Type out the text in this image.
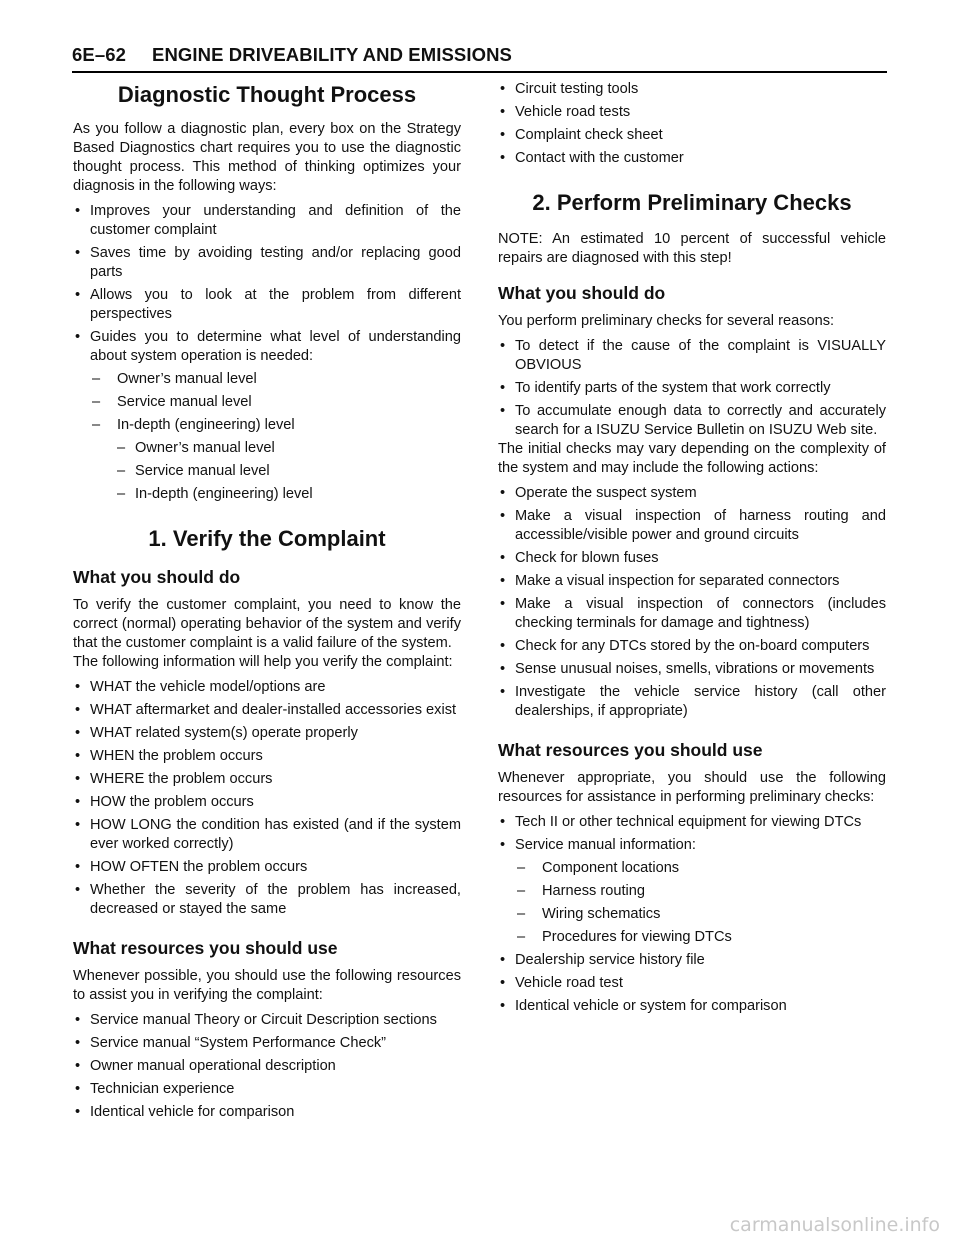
6E–62 ENGINE DRIVEABILITY AND EMISSIONS
Diagnostic Thought Process

As you follow a diagnostic plan, every box on the Strategy Based Diagnostics chart requires you to use the diagnostic thought process. This method of thinking optimizes your diagnosis in the following ways:

• Improves your understanding and definition of the customer complaint
• Saves time by avoiding testing and/or replacing good parts
• Allows you to look at the problem from different perspectives
• Guides you to determine what level of understanding about system operation is needed:
– Owner’s manual level
– Service manual level
– In-depth (engineering) level
– Owner’s manual level
– Service manual level
– In-depth (engineering) level
1. Verify the Complaint
What you should do

To verify the customer complaint, you need to know the correct (normal) operating behavior of the system and verify that the customer complaint is a valid failure of the system.

The following information will help you verify the complaint:

• WHAT the vehicle model/options are
• WHAT aftermarket and dealer-installed accessories exist
• WHAT related system(s) operate properly
• WHEN the problem occurs
• WHERE the problem occurs
• HOW the problem occurs
• HOW LONG the condition has existed (and if the system ever worked correctly)
• HOW OFTEN the problem occurs
• Whether the severity of the problem has increased, decreased or stayed the same
What resources you should use

Whenever possible, you should use the following resources to assist you in verifying the complaint:

• Service manual Theory or Circuit Description sections
• Service manual “System Performance Check”
• Owner manual operational description
• Technician experience
• Identical vehicle for comparison
• Circuit testing tools
• Vehicle road tests
• Complaint check sheet
• Contact with the customer
2. Perform Preliminary Checks

NOTE: An estimated 10 percent of successful vehicle repairs are diagnosed with this step!

What you should do

You perform preliminary checks for several reasons:

• To detect if the cause of the complaint is VISUALLY OBVIOUS
• To identify parts of the system that work correctly
• To accumulate enough data to correctly and accurately search for a ISUZU Service Bulletin on ISUZU Web site.

The initial checks may vary depending on the complexity of the system and may include the following actions:

• Operate the suspect system
• Make a visual inspection of harness routing and accessible/visible power and ground circuits
• Check for blown fuses
• Make a visual inspection for separated connectors
• Make a visual inspection of connectors (includes checking terminals for damage and tightness)
• Check for any DTCs stored by the on-board computers
• Sense unusual noises, smells, vibrations or movements
• Investigate the vehicle service history (call other dealerships, if appropriate)
What resources you should use

Whenever appropriate, you should use the following resources for assistance in performing preliminary checks:

• Tech II or other technical equipment for viewing DTCs
• Service manual information:
– Component locations
– Harness routing
– Wiring schematics
– Procedures for viewing DTCs
• Dealership service history file
• Vehicle road test
• Identical vehicle or system for comparison
carmanualsonline.info
